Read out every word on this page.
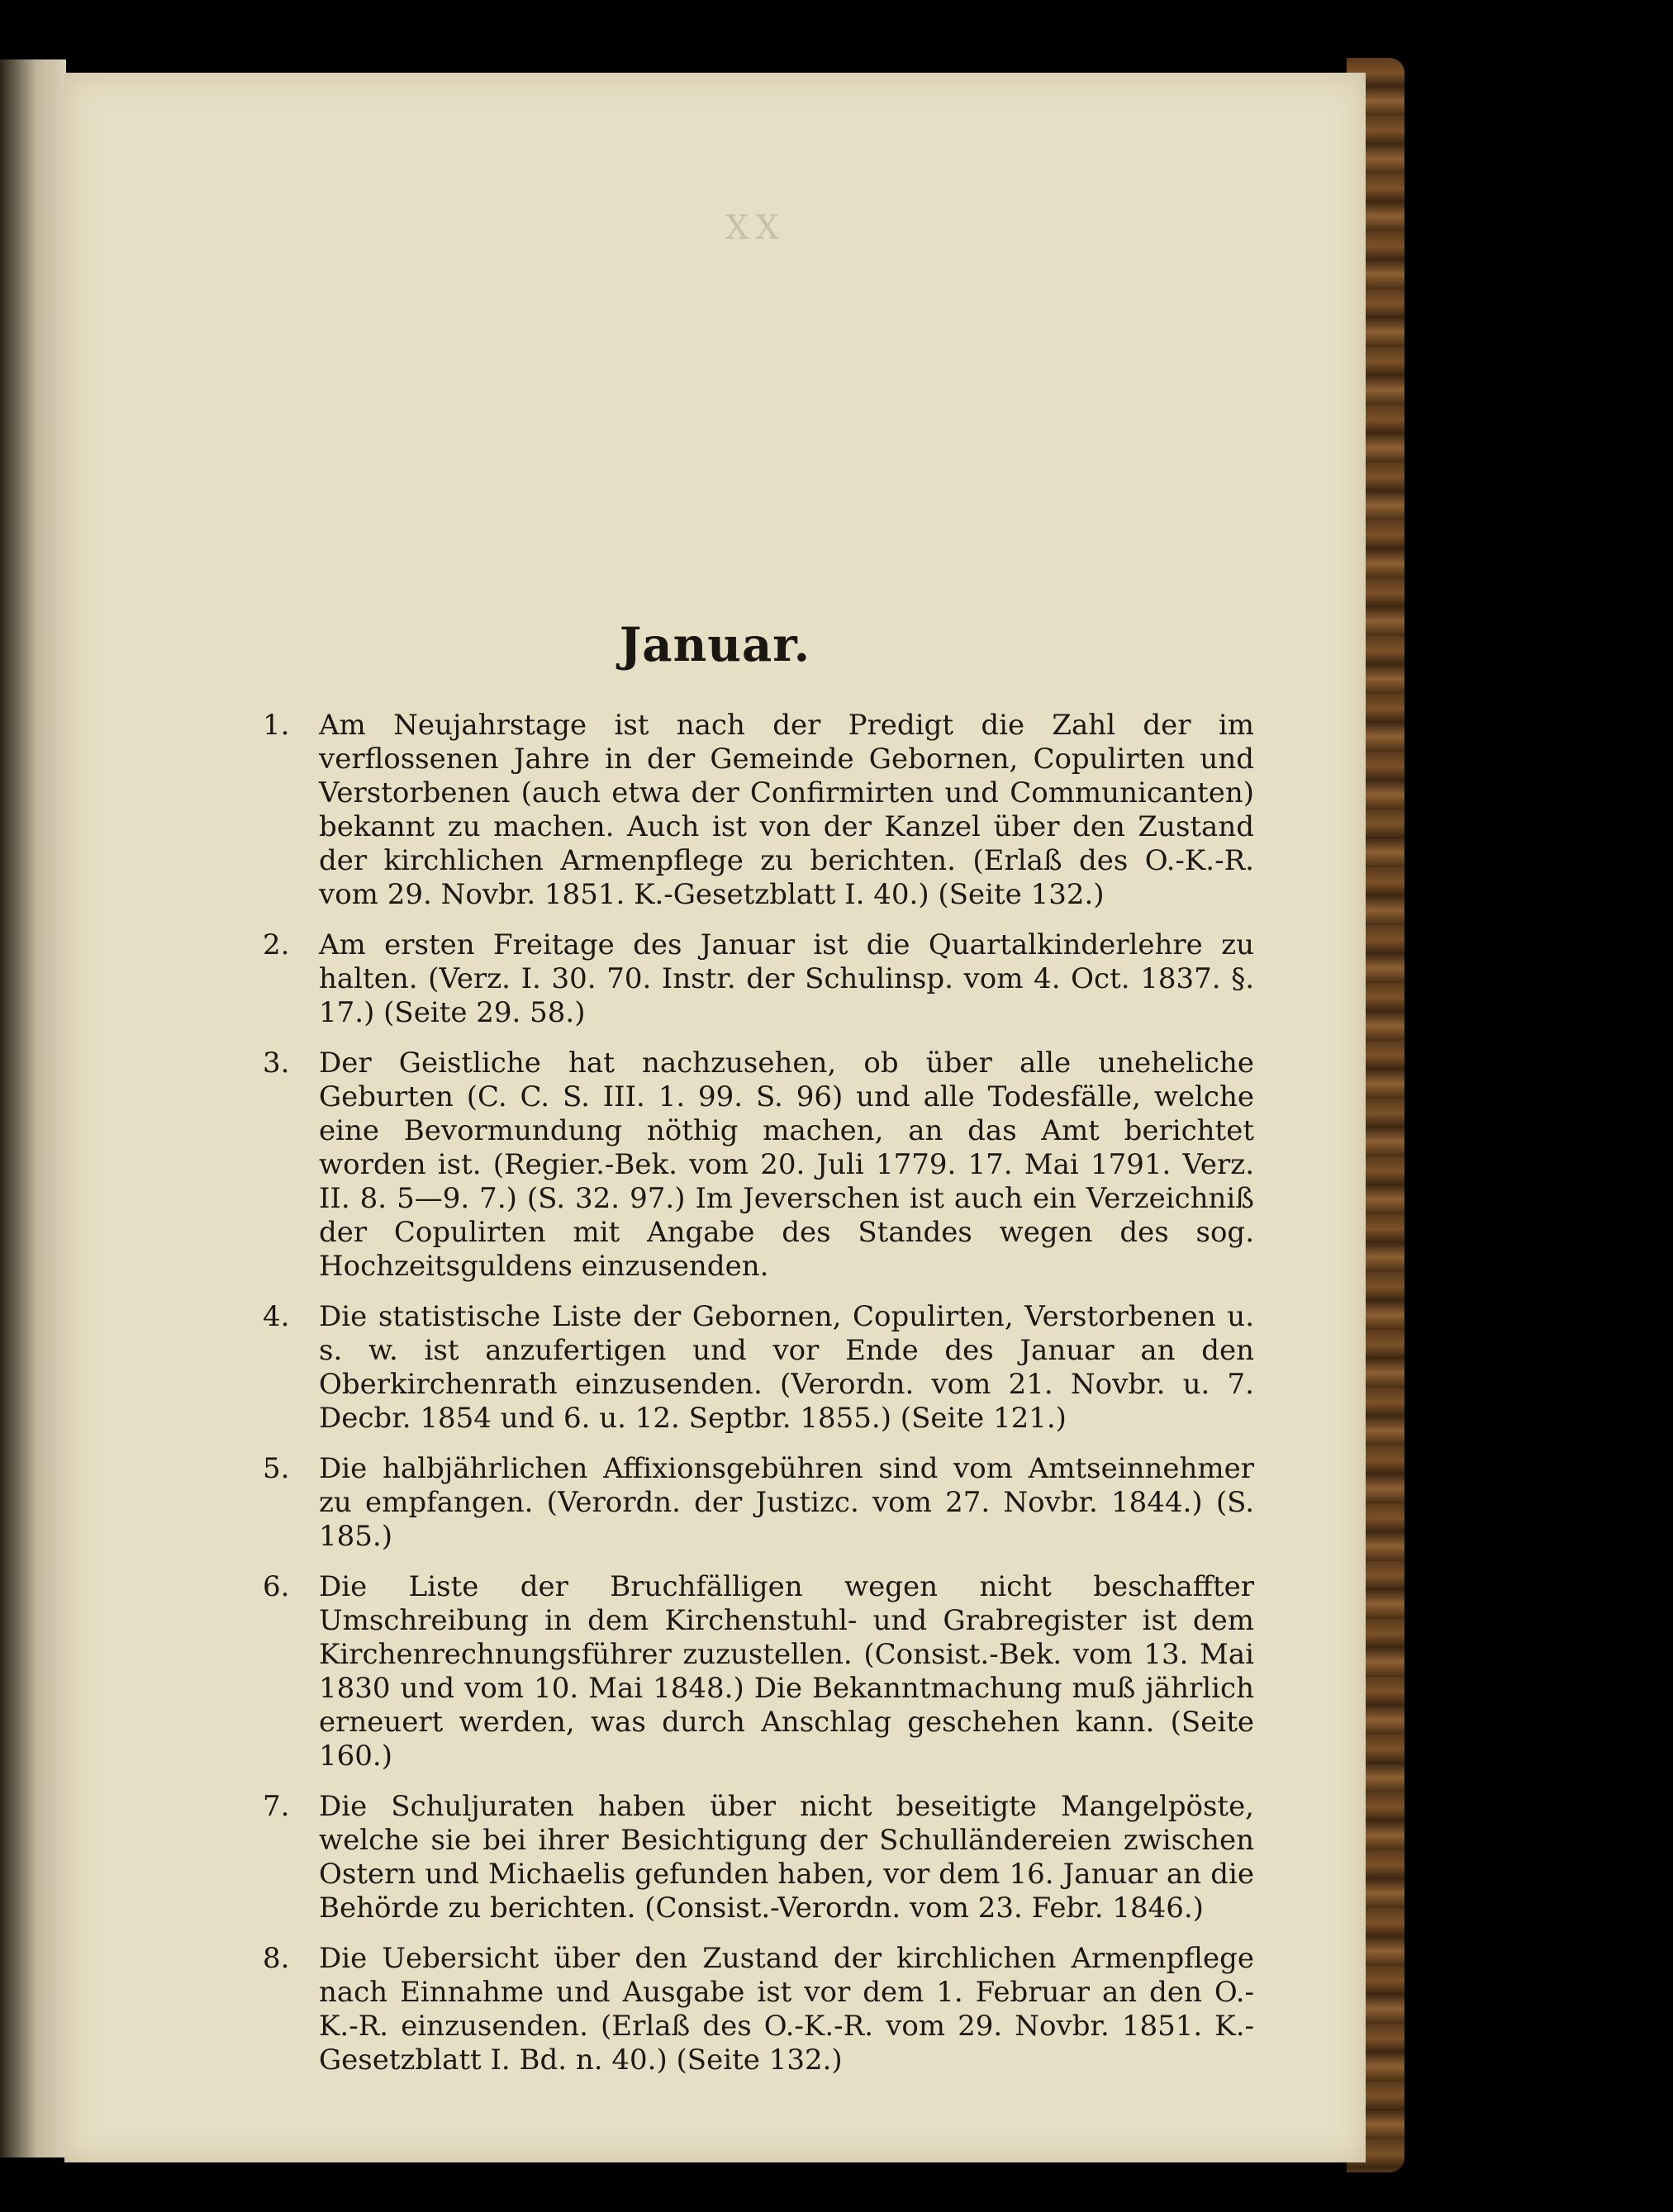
XX
Januar.
1.	Am Neujahrstage ist nach der Predigt die Zahl der im verflossenen Jahre in der Gemeinde Gebornen, Copulirten und Verstorbenen (auch etwa der Confirmirten und Communicanten) bekannt zu machen. Auch ist von der Kanzel über den Zustand der kirchlichen Armenpflege zu berichten. (Erlaß des O.-K.-R. vom 29. Novbr. 1851. K.-Gesetzblatt I. 40.) (Seite 132.)
2.	Am ersten Freitage des Januar ist die Quartalkinderlehre zu halten. (Verz. I. 30. 70. Instr. der Schulinsp. vom 4. Oct. 1837. §. 17.) (Seite 29. 58.)
3.	Der Geistliche hat nachzusehen, ob über alle uneheliche Geburten (C. C. S. III. 1. 99. S. 96) und alle Todesfälle, welche eine Bevormundung nöthig machen, an das Amt berichtet worden ist. (Regier.-Bek. vom 20. Juli 1779. 17. Mai 1791. Verz. II. 8. 5—9. 7.) (S. 32. 97.) Im Jeverschen ist auch ein Verzeichniß der Copulirten mit Angabe des Standes wegen des sog. Hochzeitsguldens einzusenden.
4.	Die statistische Liste der Gebornen, Copulirten, Verstorbenen u. s. w. ist anzufertigen und vor Ende des Januar an den Oberkirchenrath einzusenden. (Verordn. vom 21. Novbr. u. 7. Decbr. 1854 und 6. u. 12. Septbr. 1855.) (Seite 121.)
5.	Die halbjährlichen Affixionsgebühren sind vom Amtseinnehmer zu empfangen. (Verordn. der Justizc. vom 27. Novbr. 1844.) (S. 185.)
6.	Die Liste der Bruchfälligen wegen nicht beschaffter Umschreibung in dem Kirchenstuhl- und Grabregister ist dem Kirchenrechnungsführer zuzustellen. (Consist.-Bek. vom 13. Mai 1830 und vom 10. Mai 1848.) Die Bekanntmachung muß jährlich erneuert werden, was durch Anschlag geschehen kann. (Seite 160.)
7.	Die Schuljuraten haben über nicht beseitigte Mangelpöste, welche sie bei ihrer Besichtigung der Schulländereien zwischen Ostern und Michaelis gefunden haben, vor dem 16. Januar an die Behörde zu berichten. (Consist.-Verordn. vom 23. Febr. 1846.)
8.	Die Uebersicht über den Zustand der kirchlichen Armenpflege nach Einnahme und Ausgabe ist vor dem 1. Februar an den O.-K.-R. einzusenden. (Erlaß des O.-K.-R. vom 29. Novbr. 1851. K.-Gesetzblatt I. Bd. n. 40.) (Seite 132.)
